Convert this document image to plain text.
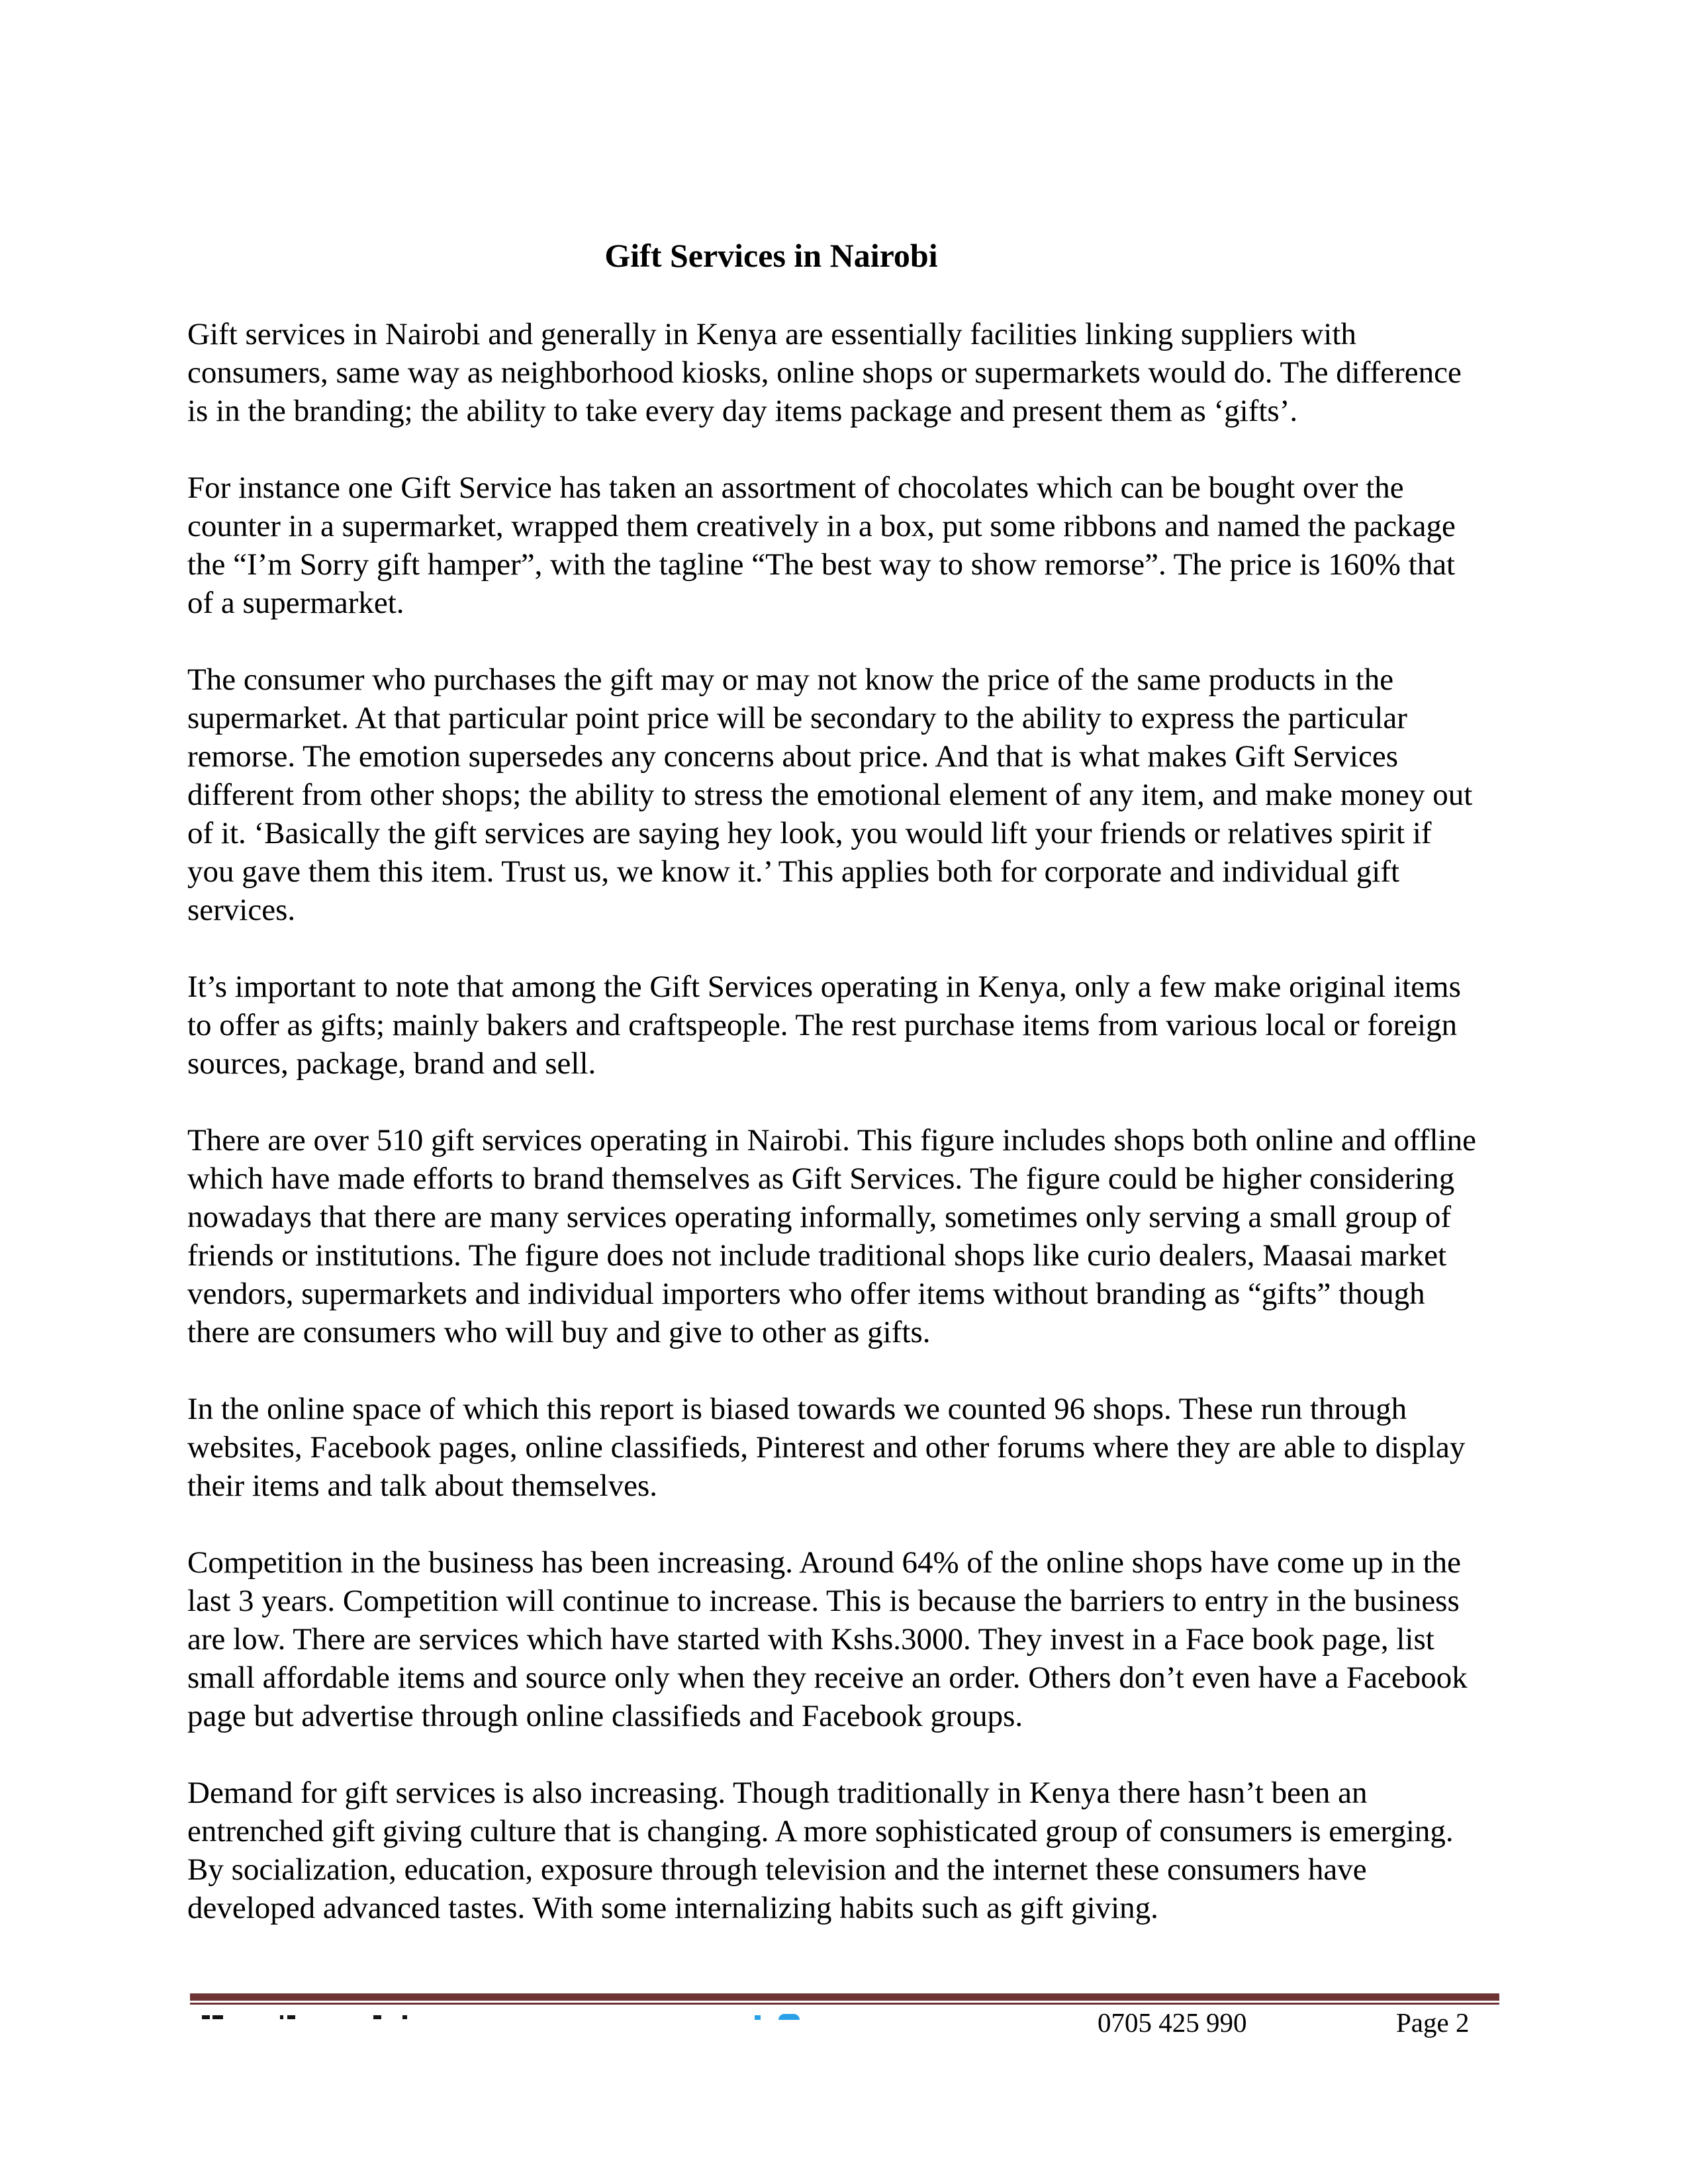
Gift Services in Nairobi

Gift services in Nairobi and generally in Kenya are essentially facilities linking suppliers with consumers, same way as neighborhood kiosks, online shops or supermarkets would do. The difference is in the branding; the ability to take every day items package and present them as ‘gifts’.

For instance one Gift Service has taken an assortment of chocolates which can be bought over the counter in a supermarket, wrapped them creatively in a box, put some ribbons and named the package the “I’m Sorry gift hamper”, with the tagline “The best way to show remorse”. The price is 160% that of a supermarket.

The consumer who purchases the gift may or may not know the price of the same products in the supermarket. At that particular point price will be secondary to the ability to express the particular remorse. The emotion supersedes any concerns about price. And that is what makes Gift Services different from other shops; the ability to stress the emotional element of any item, and make money out of it. ‘Basically the gift services are saying hey look, you would lift your friends or relatives spirit if you gave them this item. Trust us, we know it.’ This applies both for corporate and individual gift services.

It’s important to note that among the Gift Services operating in Kenya, only a few make original items to offer as gifts; mainly bakers and craftspeople. The rest purchase items from various local or foreign sources, package, brand and sell.

There are over 510 gift services operating in Nairobi. This figure includes shops both online and offline which have made efforts to brand themselves as Gift Services. The figure could be higher considering nowadays that there are many services operating informally, sometimes only serving a small group of friends or institutions. The figure does not include traditional shops like curio dealers, Maasai market vendors, supermarkets and individual importers who offer items without branding as “gifts” though there are consumers who will buy and give to other as gifts.

In the online space of which this report is biased towards we counted 96 shops. These run through websites, Facebook pages, online classifieds, Pinterest and other forums where they are able to display their items and talk about themselves.

Competition in the business has been increasing. Around 64% of the online shops have come up in the last 3 years. Competition will continue to increase. This is because the barriers to entry in the business are low. There are services which have started with Kshs.3000. They invest in a Face book page, list small affordable items and source only when they receive an order. Others don’t even have a Facebook page but advertise through online classifieds and Facebook groups.

Demand for gift services is also increasing. Though traditionally in Kenya there hasn’t been an entrenched gift giving culture that is changing. A more sophisticated group of consumers is emerging. By socialization, education, exposure through television and the internet these consumers have developed advanced tastes. With some internalizing habits such as gift giving.

0705 425 990	Page 2
